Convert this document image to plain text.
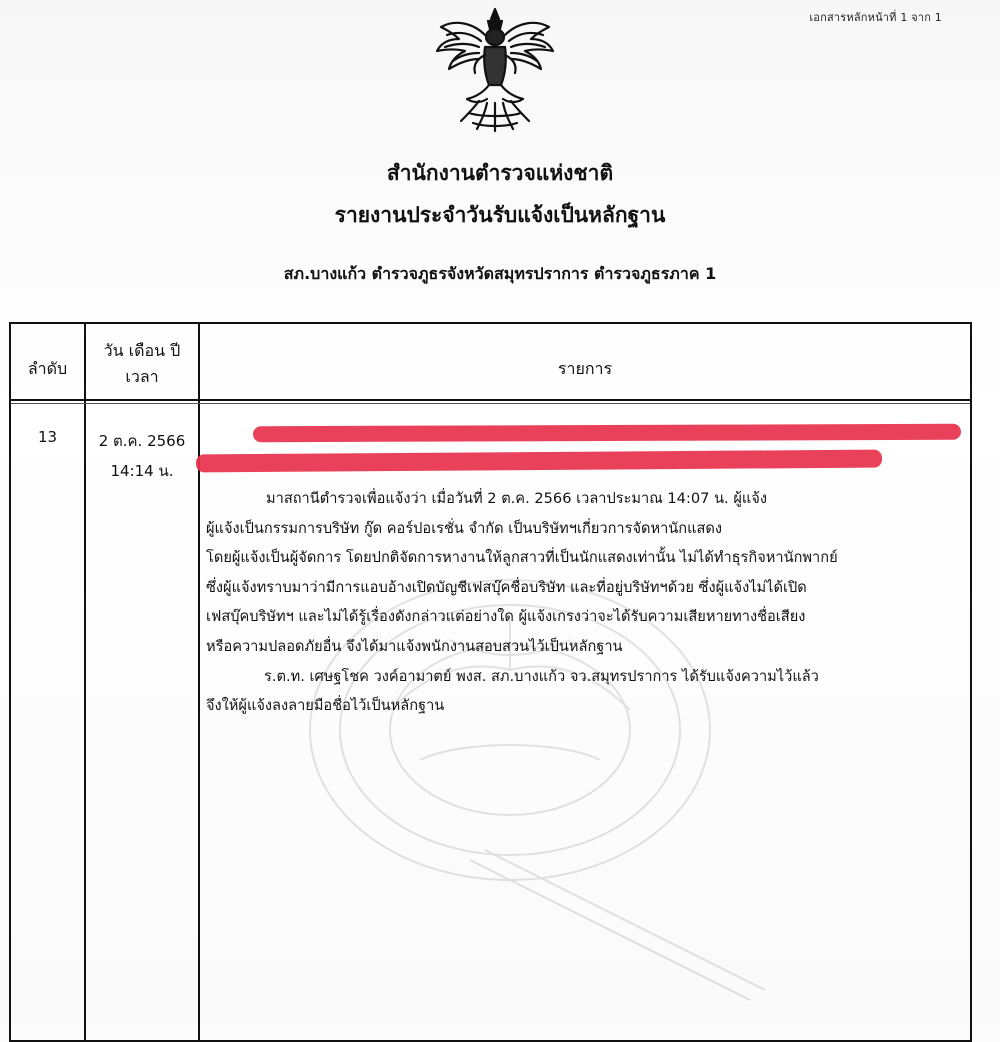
เอกสารหลักหน้าที่ 1 จาก 1
สำนักงานตำรวจแห่งชาติ
รายงานประจำวันรับแจ้งเป็นหลักฐาน
สภ.บางแก้ว ตำรวจภูธรจังหวัดสมุทรปราการ ตำรวจภูธรภาค 1
ลำดับ
วัน เดือน ปี
เวลา	รายการ
13	2 ต.ค. 2566
14:14 น.
มาสถานีตำรวจเพื่อแจ้งว่า เมื่อวันที่ 2 ต.ค. 2566 เวลาประมาณ 14:07 น. ผู้แจ้ง
ผู้แจ้งเป็นกรรมการบริษัท กู๊ด คอร์ปอเรชั่น จำกัด เป็นบริษัทฯเกี่ยวการจัดหานักแสดง
โดยผู้แจ้งเป็นผู้จัดการ โดยปกติจัดการหางานให้ลูกสาวที่เป็นนักแสดงเท่านั้น ไม่ได้ทำธุรกิจหานักพากย์
ซึ่งผู้แจ้งทราบมาว่ามีการแอบอ้างเปิดบัญชีเฟสบุ๊คชื่อบริษัท และที่อยู่บริษัทฯด้วย ซึ่งผู้แจ้งไม่ได้เปิด
เฟสบุ๊คบริษัทฯ และไม่ได้รู้เรื่องดังกล่าวแต่อย่างใด ผู้แจ้งเกรงว่าจะได้รับความเสียหายทางชื่อเสียง
หรือความปลอดภัยอื่น จึงได้มาแจ้งพนักงานสอบสวนไว้เป็นหลักฐาน
ร.ต.ท. เศษฐโชค วงค์อามาตย์ พงส. สภ.บางแก้ว จว.สมุทรปราการ ได้รับแจ้งความไว้แล้ว
จึงให้ผู้แจ้งลงลายมือชื่อไว้เป็นหลักฐาน
